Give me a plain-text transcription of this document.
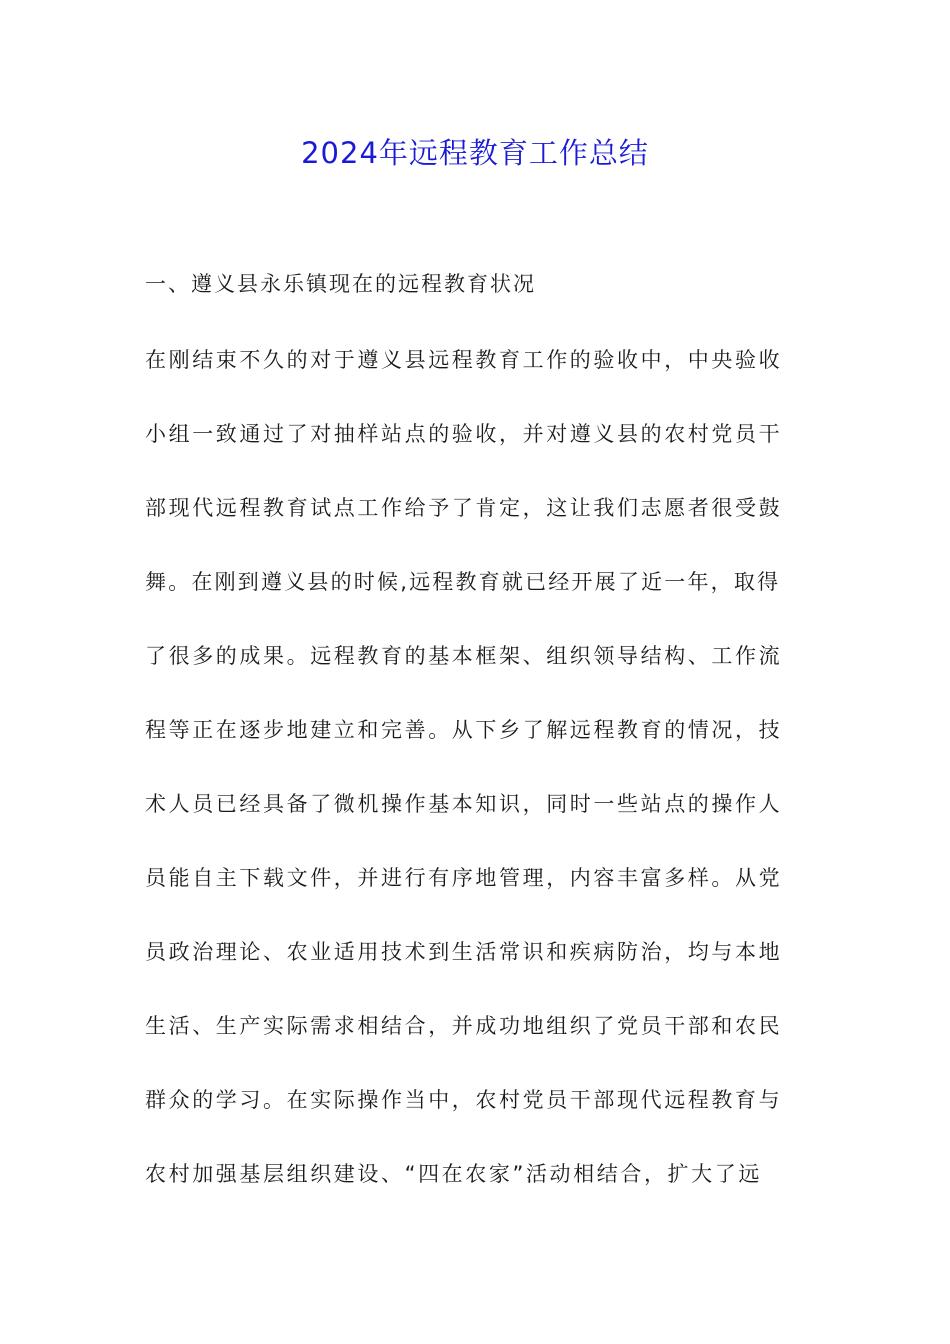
2024年远程教育工作总结
一、遵义县永乐镇现在的远程教育状况
在刚结束不久的对于遵义县远程教育工作的验收中，中央验收
小组一致通过了对抽样站点的验收，并对遵义县的农村党员干
部现代远程教育试点工作给予了肯定，这让我们志愿者很受鼓
舞。在刚到遵义县的时候,远程教育就已经开展了近一年，取得
了很多的成果。远程教育的基本框架、组织领导结构、工作流
程等正在逐步地建立和完善。从下乡了解远程教育的情况，技
术人员已经具备了微机操作基本知识，同时一些站点的操作人
员能自主下载文件，并进行有序地管理，内容丰富多样。从党
员政治理论、农业适用技术到生活常识和疾病防治，均与本地
生活、生产实际需求相结合，并成功地组织了党员干部和农民
群众的学习。在实际操作当中，农村党员干部现代远程教育与
农村加强基层组织建设、“四在农家”活动相结合，扩大了远
